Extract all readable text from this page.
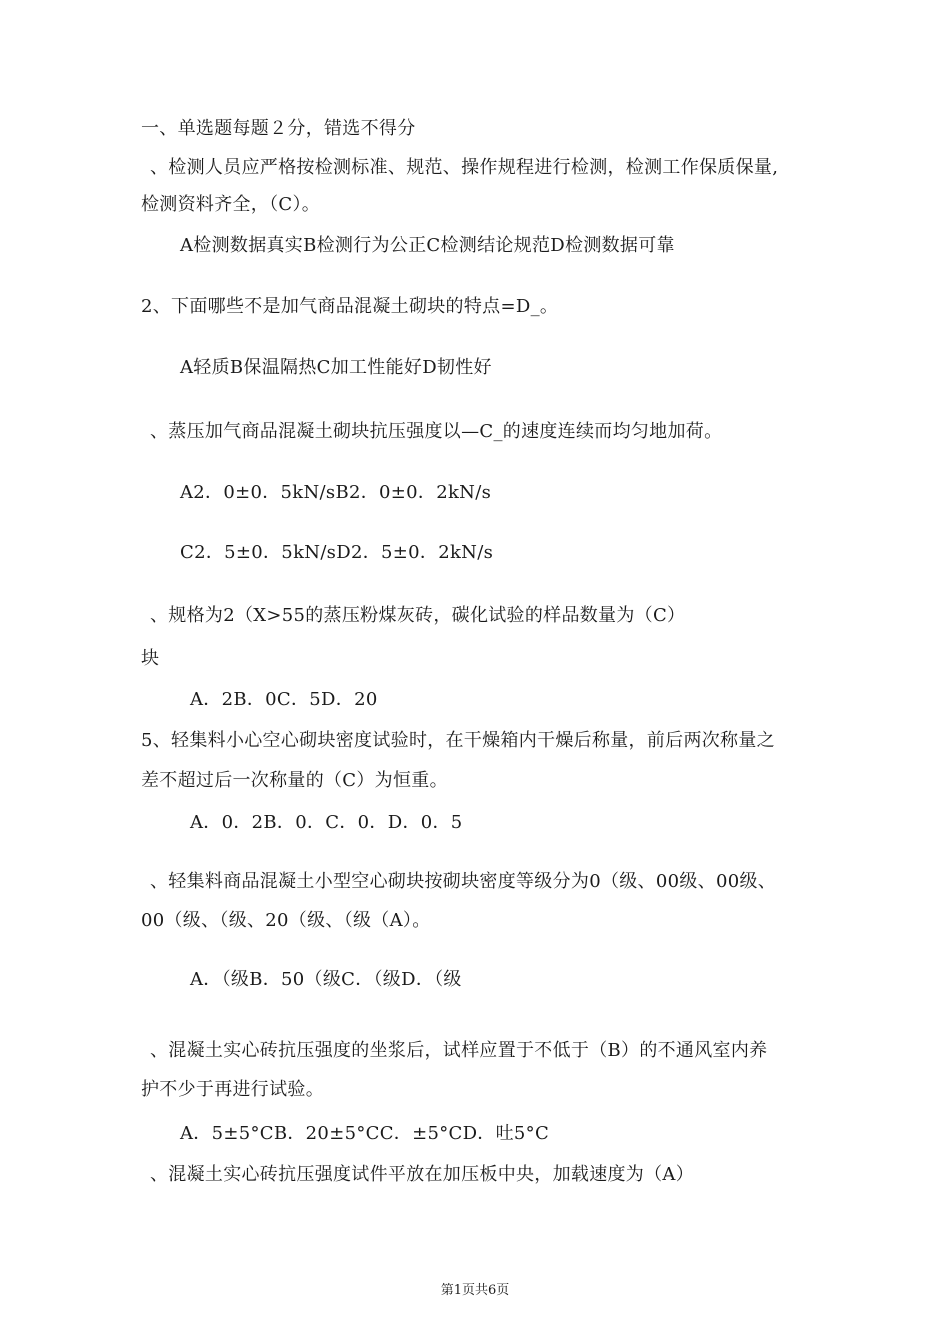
一、单选题每题２分，错选不得分
、检测人员应严格按检测标准、规范、操作规程进行检测，检测工作保质保量,
检测资料齐全，（C）。
A检测数据真实B检测行为公正C检测结论规范D检测数据可靠
2、下面哪些不是加气商品混凝土砌块的特点=D_。
A轻质B保温隔热C加工性能好D韧性好
、蒸压加气商品混凝土砌块抗压强度以—C_的速度连续而均匀地加荷。
A2．0±0．5kN/sB2．0±0．2kN/s
C2．5±0．5kN/sD2．5±0．2kN/s
、规格为2（X>55的蒸压粉煤灰砖，碳化试验的样品数量为（C）
块
A．2B．0C．5D．20
5、轻集料小心空心砌块密度试验时，在干燥箱内干燥后称量，前后两次称量之
差不超过后一次称量的（C）为恒重。
A．0．2B．0．C．0．D．0．5
、轻集料商品混凝土小型空心砌块按砌块密度等级分为0（级、00级、00级、
00（级、（级、20（级、（级（A）。
A．（级B．50（级C．（级D．（级
、混凝土实心砖抗压强度的坐浆后，试样应置于不低于（B）的不通风室内养
护不少于再进行试验。
A．5±5°CB．20±5°CC．±5°CD．吐5°C
、混凝土实心砖抗压强度试件平放在加压板中央，加载速度为（A）
第1页共6页
